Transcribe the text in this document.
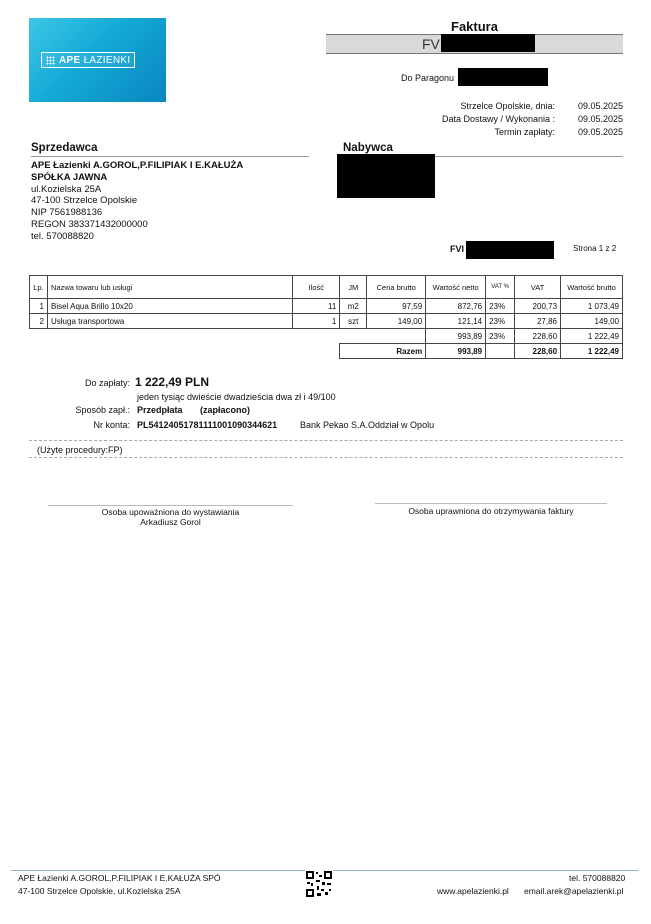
APE ŁAZIENKI
Faktura
FV
Do Paragonu
Strzelce Opolskie, dnia:	09.05.2025
Data Dostawy / Wykonania :	09.05.2025
Termin zapłaty:	09.05.2025
Sprzedawca
APE Łazienki A.GOROL,P.FILIPIAK I E.KAŁUŻA
SPÓŁKA JAWNA
ul.Kozielska 25A
47-100 Strzelce Opolskie
NIP 7561988136
REGON 383371432000000
tel. 570088820
Nabywca
FVI	Strona 1 z 2
Lp.	Nazwa towaru lub usługi	Ilość	JM	Cena brutto	Wartość netto	VAT %	VAT	Wartość brutto
1	Bisel Aqua Brillo 10x20	11	m2	97,59	872,76	23%	200,73	1 073,49
2	Usługa transportowa	1	szt	149,00	121,14	23%	27,86	149,00
					993,89	23%	228,60	1 222,49
			Razem		993,89		228,60	1 222,49
Do zapłaty: 1 222,49 PLN
jeden tysiąc dwieście dwadzieścia dwa zł i 49/100
Sposób zapł.: Przedpłata (zapłacono)
Nr konta: PL54124051781111001090344621	Bank Pekao S.A.Oddział w Opolu
(Użyte procedury:FP)
Osoba upoważniona do wystawiania
Arkadiusz Gorol
Osoba uprawniona do otrzymywania faktury
APE Łazienki A.GOROL,P.FILIPIAK I E.KAŁUŻA SPÓ
47-100 Strzelce Opolskie, ul.Kozielska 25A
tel. 570088820
www.apelazienki.pl email.arek@apelazienki.pl
